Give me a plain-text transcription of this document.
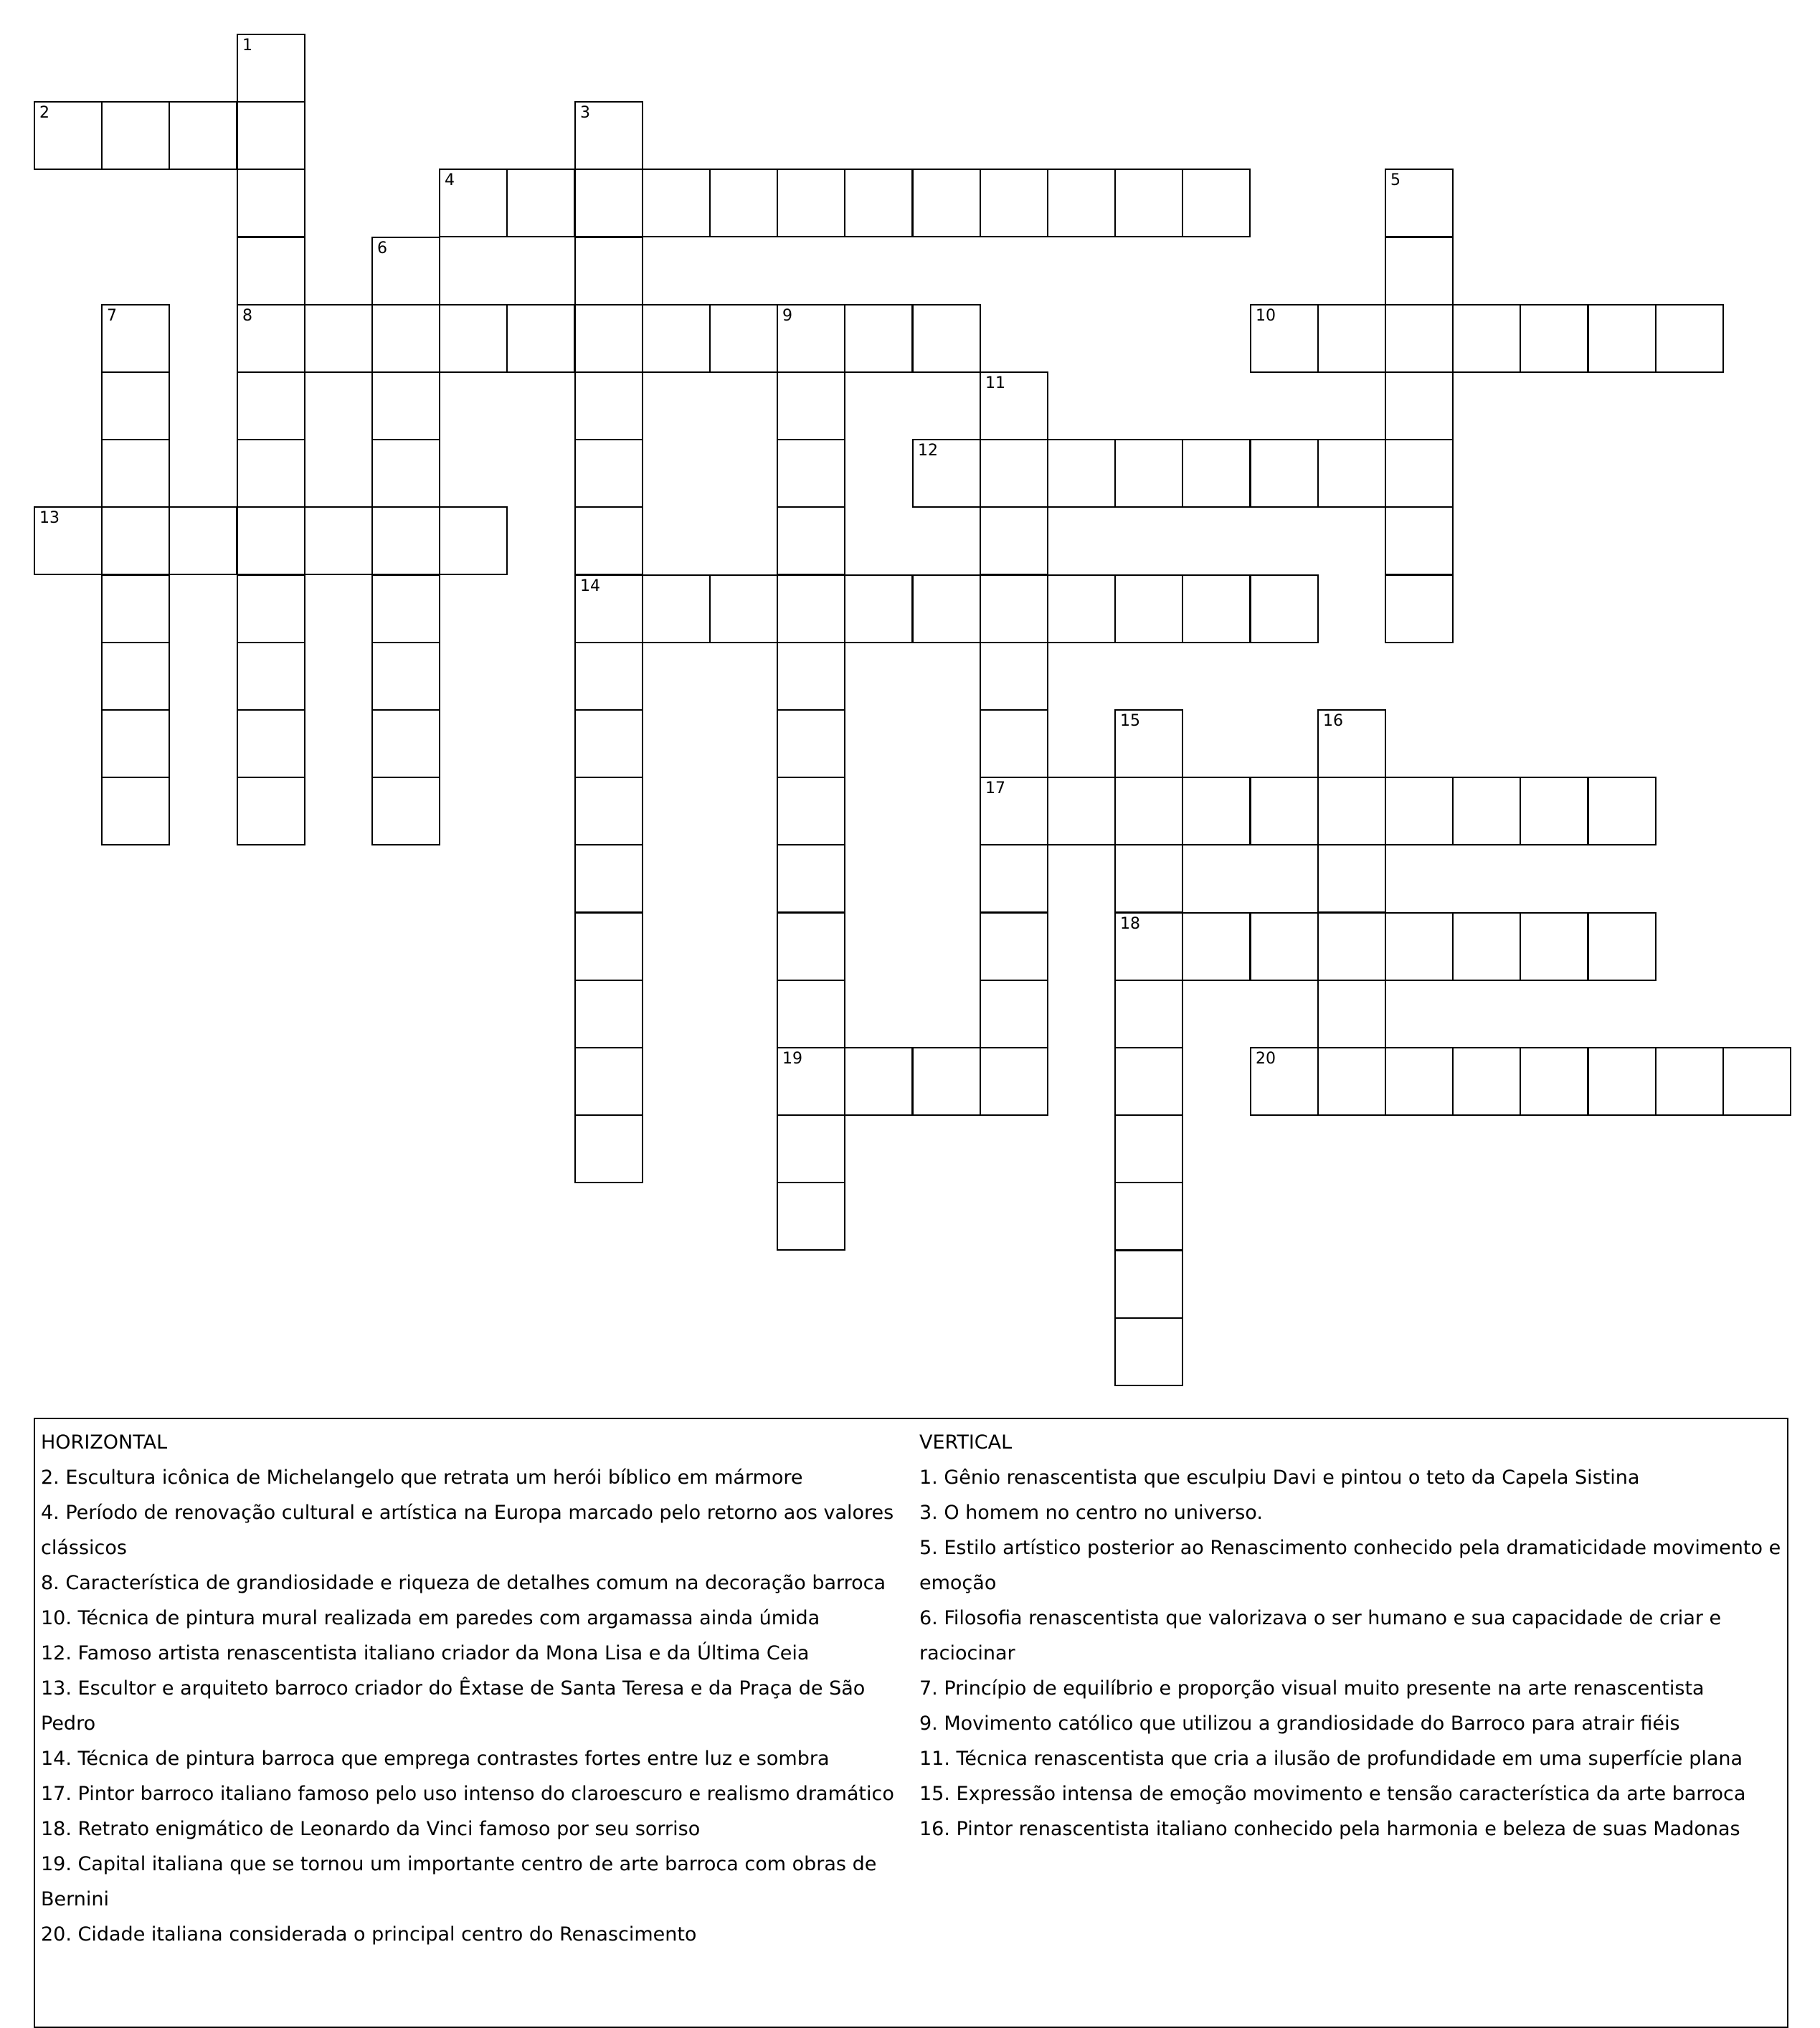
1
8
2	3
14
4	5
6
7	9
19
10
11
17
12
13
15
18
16
20

HORIZONTAL

2. Escultura icônica de Michelangelo que retrata um herói bíblico em mármore

4. Período de renovação cultural e artística na Europa marcado pelo retorno aos valores

clássicos

8. Característica de grandiosidade e riqueza de detalhes comum na decoração barroca

10. Técnica de pintura mural realizada em paredes com argamassa ainda úmida

12. Famoso artista renascentista italiano criador da Mona Lisa e da Última Ceia

13. Escultor e arquiteto barroco criador do Êxtase de Santa Teresa e da Praça de São

Pedro

14. Técnica de pintura barroca que emprega contrastes fortes entre luz e sombra

17. Pintor barroco italiano famoso pelo uso intenso do claroescuro e realismo dramático

18. Retrato enigmático de Leonardo da Vinci famoso por seu sorriso

19. Capital italiana que se tornou um importante centro de arte barroca com obras de

Bernini

20. Cidade italiana considerada o principal centro do Renascimento

VERTICAL

1. Gênio renascentista que esculpiu Davi e pintou o teto da Capela Sistina

3. O homem no centro no universo.

5. Estilo artístico posterior ao Renascimento conhecido pela dramaticidade movimento e

emoção

6. Filosofia renascentista que valorizava o ser humano e sua capacidade de criar e

raciocinar

7. Princípio de equilíbrio e proporção visual muito presente na arte renascentista

9. Movimento católico que utilizou a grandiosidade do Barroco para atrair fiéis

11. Técnica renascentista que cria a ilusão de profundidade em uma superfície plana

15. Expressão intensa de emoção movimento e tensão característica da arte barroca

16. Pintor renascentista italiano conhecido pela harmonia e beleza de suas Madonas
